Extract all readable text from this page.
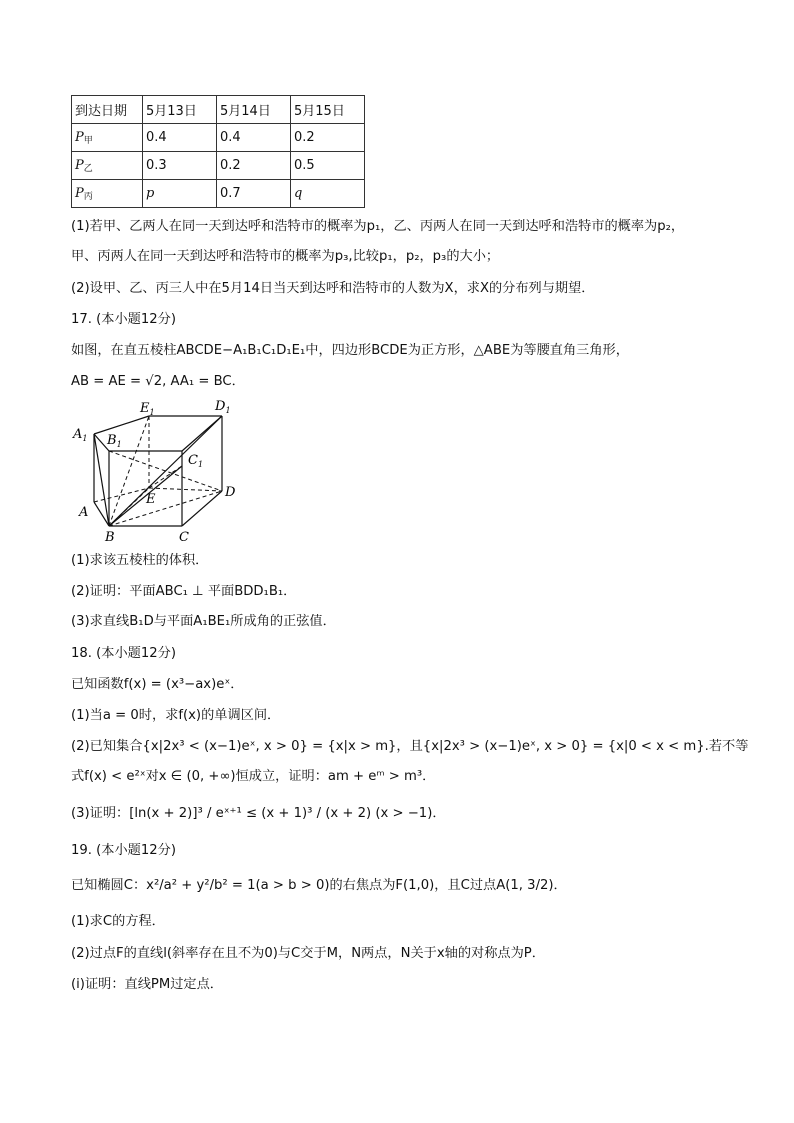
到达日期	5月13日	5月14日	5月15日
$P_甲$	0.4	0.4	0.2
$P_乙$	0.3	0.2	0.5
$P_丙$	p	0.7	q
(1)若甲、乙两人在同一天到达呼和浩特市的概率为p₁，乙、丙两人在同一天到达呼和浩特市的概率为p₂，
甲、丙两人在同一天到达呼和浩特市的概率为p₃,比较p₁，p₂，p₃的大小；
(2)设甲、乙、丙三人中在5月14日当天到达呼和浩特市的人数为X，求X的分布列与期望．
17. (本小题12分)
如图，在直五棱柱ABCDE−A₁B₁C₁D₁E₁中，四边形BCDE为正方形，△ABE为等腰直角三角形，
AB = AE = √2, AA₁ = BC．
$E_1$	$D_1$
$A_1$ $B_1$
$C_1$
A
E	D
B	C
(1)求该五棱柱的体积．
(2)证明：平面ABC₁ ⊥ 平面BDD₁B₁．
(3)求直线B₁D与平面A₁BE₁所成角的正弦值．
18. (本小题12分)
已知函数f(x) = (x³−ax)eˣ．
(1)当a = 0时，求f(x)的单调区间．
(2)已知集合{x|2x³ < (x−1)eˣ, x > 0} = {x|x > m}，且{x|2x³ > (x−1)eˣ, x > 0} = {x|0 < x < m}.若不等
式f(x) < e²ˣ对x ∈ (0, +∞)恒成立，证明：am + eᵐ > m³．
(3)证明：[ln(x + 2)]³ / eˣ⁺¹ ≤ (x + 1)³ / (x + 2) (x > −1)．
19. (本小题12分)
已知椭圆C：x²/a² + y²/b² = 1(a > b > 0)的右焦点为F(1,0)，且C过点A(1, 3/2)．
(1)求C的方程．
(2)过点F的直线l(斜率存在且不为0)与C交于M，N两点，N关于x轴的对称点为P．
(ⅰ)证明：直线PM过定点．
